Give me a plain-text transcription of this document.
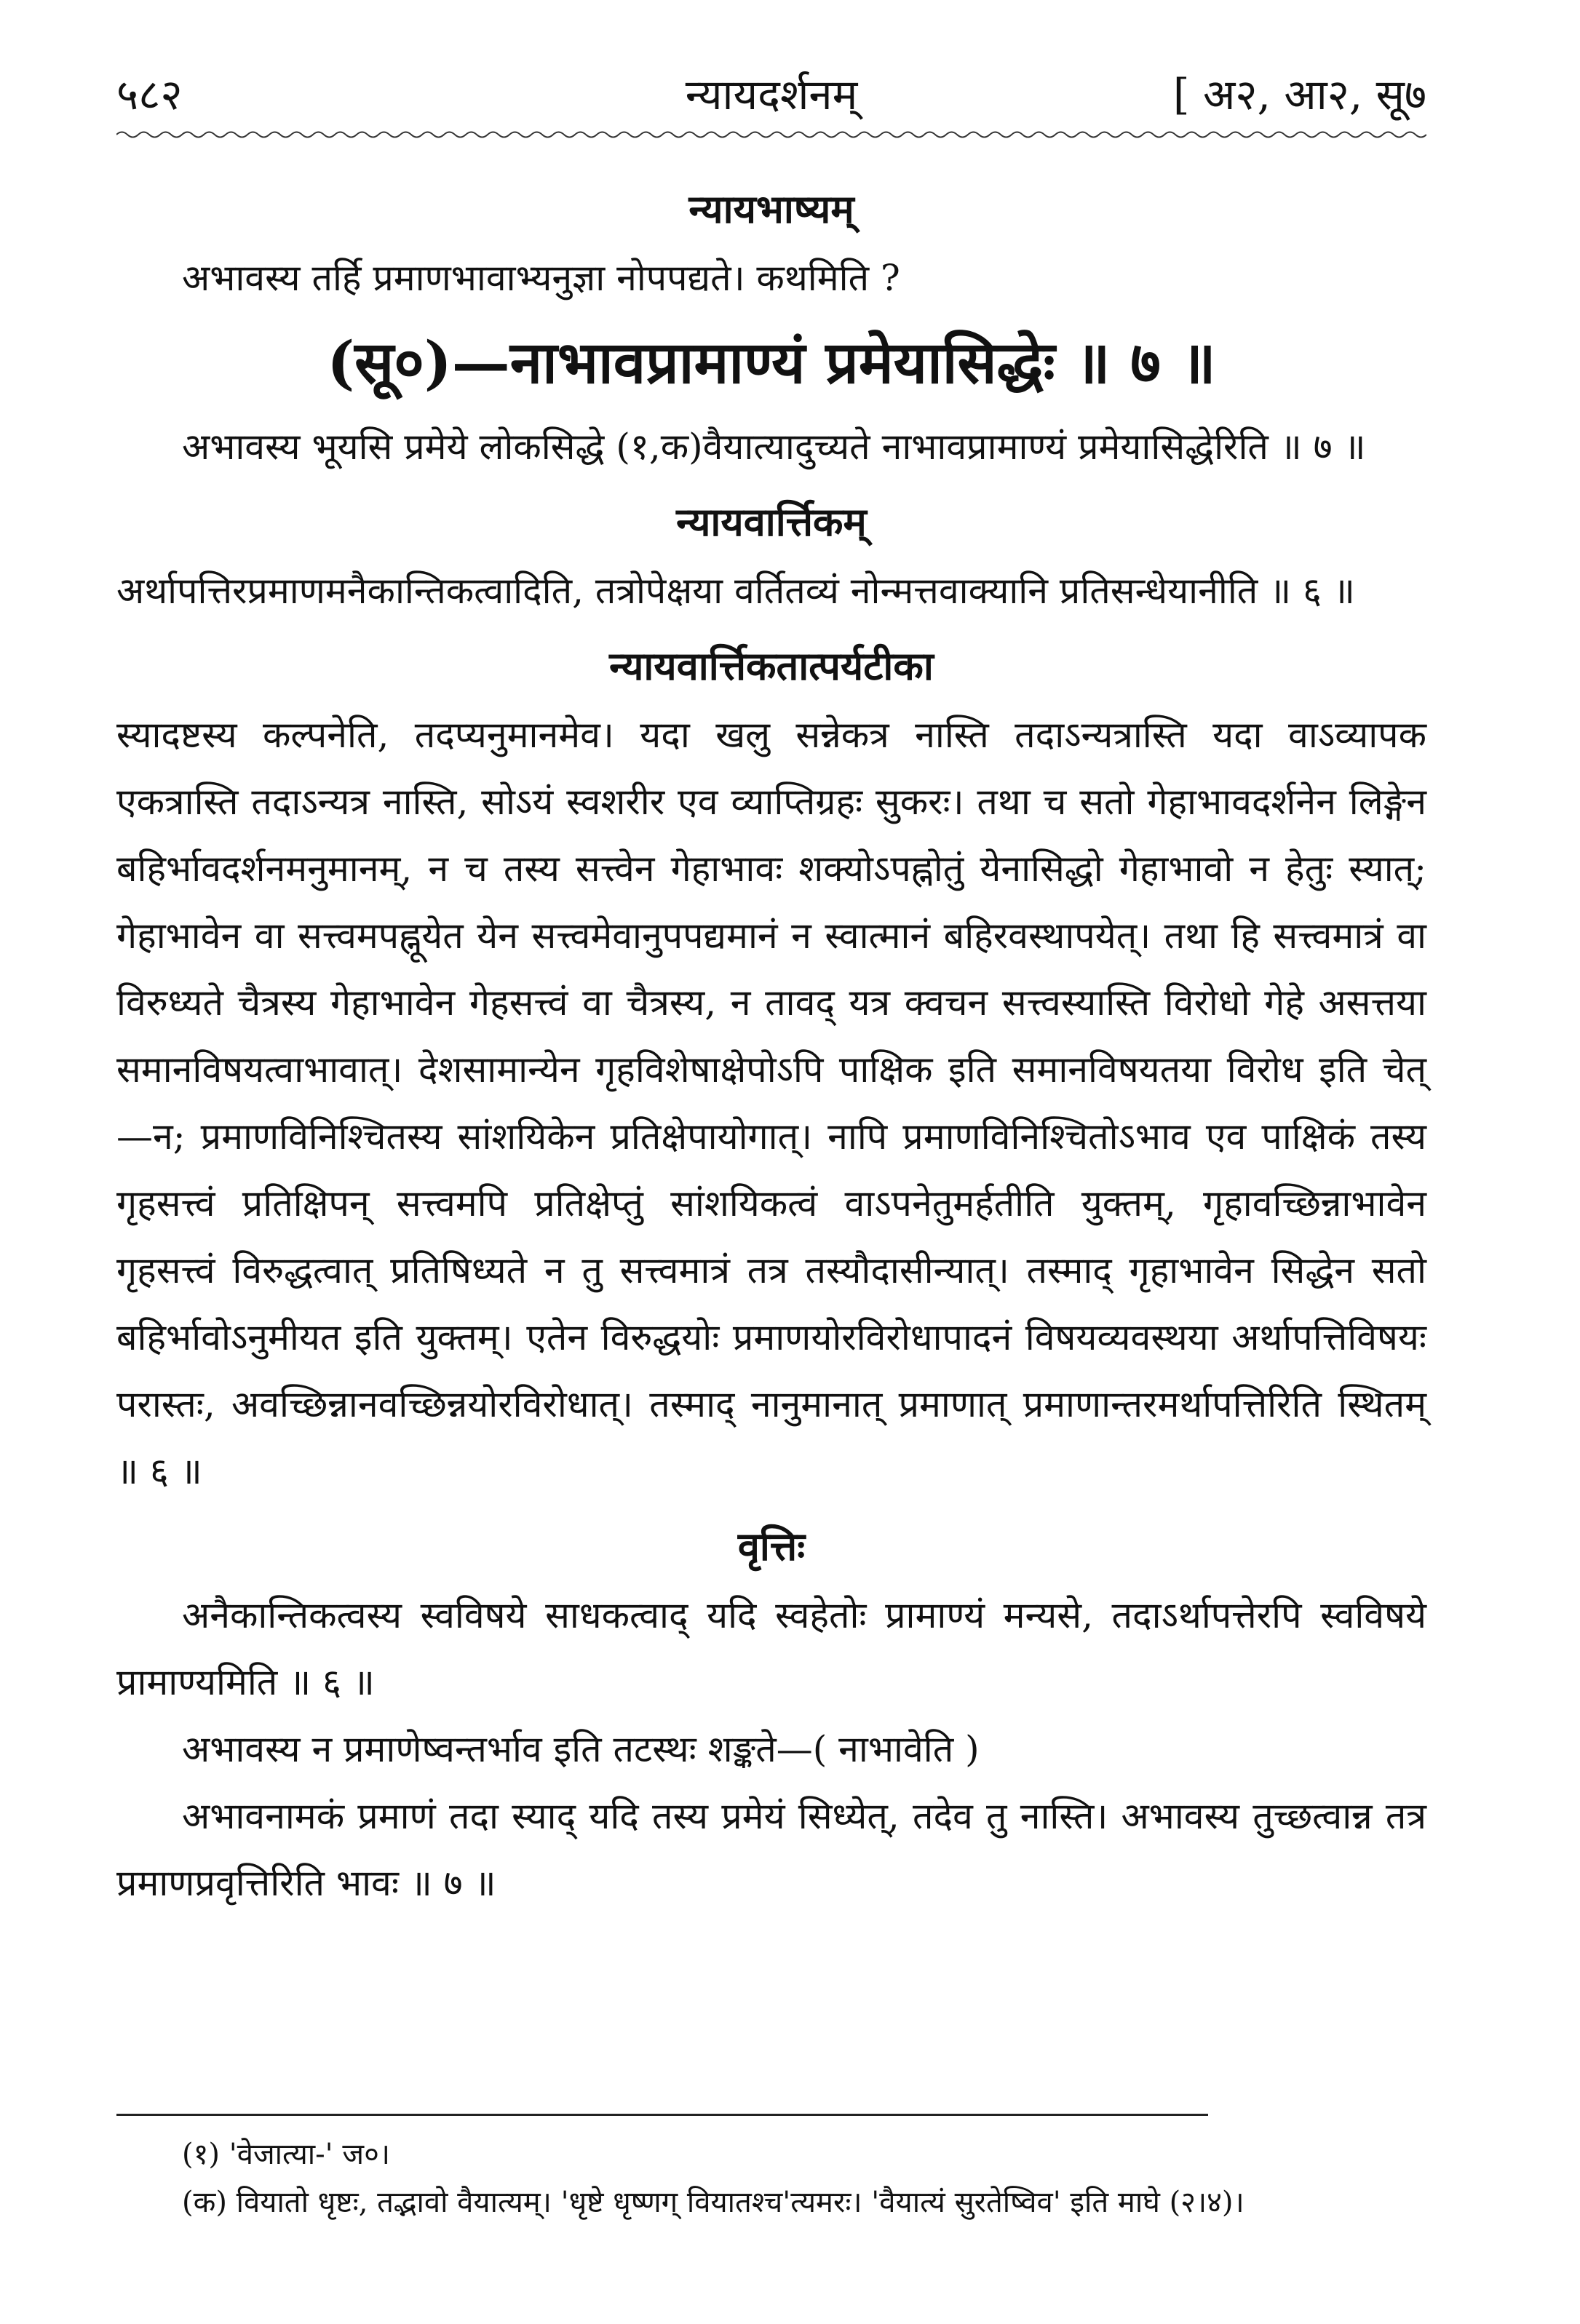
५८२	न्यायदर्शनम्	[ अ२, आ२, सू७
न्यायभाष्यम्
अभावस्य तर्हि प्रमाणभावाभ्यनुज्ञा नोपपद्यते। कथमिति ?
(सू०)—नाभावप्रामाण्यं प्रमेयासिद्धेः ॥ ७ ॥
अभावस्य भूयसि प्रमेये लोकसिद्धे (१,क)वैयात्यादुच्यते नाभावप्रामाण्यं प्रमेयासिद्धेरिति ॥ ७ ॥
न्यायवार्त्तिकम्
अर्थापत्तिरप्रमाणमनैकान्तिकत्वादिति, तत्रोपेक्षया वर्तितव्यं नोन्मत्तवाक्यानि प्रतिसन्धेयानीति ॥ ६ ॥
न्यायवार्त्तिकतात्पर्यटीका
स्यादष्टस्य कल्पनेति, तदप्यनुमानमेव। यदा खलु सन्नेकत्र नास्ति तदाऽन्यत्रास्ति यदा वाऽव्यापक एकत्रास्ति तदाऽन्यत्र नास्ति, सोऽयं स्वशरीर एव व्याप्तिग्रहः सुकरः। तथा च सतो गेहाभावदर्शनेन लिङ्गेन बहिर्भावदर्शनमनुमानम्, न च तस्य सत्त्वेन गेहाभावः शक्योऽपह्नोतुं येनासिद्धो गेहाभावो न हेतुः स्यात्; गेहाभावेन वा सत्त्वमपह्नूयेत येन सत्त्वमेवानुपपद्यमानं न स्वात्मानं बहिरवस्थापयेत्। तथा हि सत्त्वमात्रं वा विरुध्यते चैत्रस्य गेहाभावेन गेहसत्त्वं वा चैत्रस्य, न तावद् यत्र क्वचन सत्त्वस्यास्ति विरोधो गेहे असत्तया समानविषयत्वाभावात्। देशसामान्येन गृहविशेषाक्षेपोऽपि पाक्षिक इति समानविषयतया विरोध इति चेत्—न; प्रमाणविनिश्चितस्य सांशयिकेन प्रतिक्षेपायोगात्। नापि प्रमाणविनिश्चितोऽभाव एव पाक्षिकं तस्य गृहसत्त्वं प्रतिक्षिपन् सत्त्वमपि प्रतिक्षेप्तुं सांशयिकत्वं वाऽपनेतुमर्हतीति युक्तम्, गृहावच्छिन्नाभावेन गृहसत्त्वं विरुद्धत्वात् प्रतिषिध्यते न तु सत्त्वमात्रं तत्र तस्यौदासीन्यात्। तस्माद् गृहाभावेन सिद्धेन सतो बहिर्भावोऽनुमीयत इति युक्तम्। एतेन विरुद्धयोः प्रमाणयोरविरोधापादनं विषयव्यवस्थया अर्थापत्तिविषयः परास्तः, अवच्छिन्नानवच्छिन्नयोरविरोधात्। तस्माद् नानुमानात् प्रमाणात् प्रमाणान्तरमर्थापत्तिरिति स्थितम् ॥ ६ ॥
वृत्तिः
अनैकान्तिकत्वस्य स्वविषये साधकत्वाद् यदि स्वहेतोः प्रामाण्यं मन्यसे, तदाऽर्थापत्तेरपि स्वविषये प्रामाण्यमिति ॥ ६ ॥
अभावस्य न प्रमाणेष्वन्तर्भाव इति तटस्थः शङ्कते—( नाभावेति )
अभावनामकं प्रमाणं तदा स्याद् यदि तस्य प्रमेयं सिध्येत्, तदेव तु नास्ति। अभावस्य तुच्छत्वान्न तत्र प्रमाणप्रवृत्तिरिति भावः ॥ ७ ॥
(१) 'वेजात्या-' ज०।
(क) वियातो धृष्टः, तद्भावो वैयात्यम्। 'धृष्टे धृष्णग् वियातश्च'त्यमरः। 'वैयात्यं सुरतेष्विव' इति माघे (२।४)।
